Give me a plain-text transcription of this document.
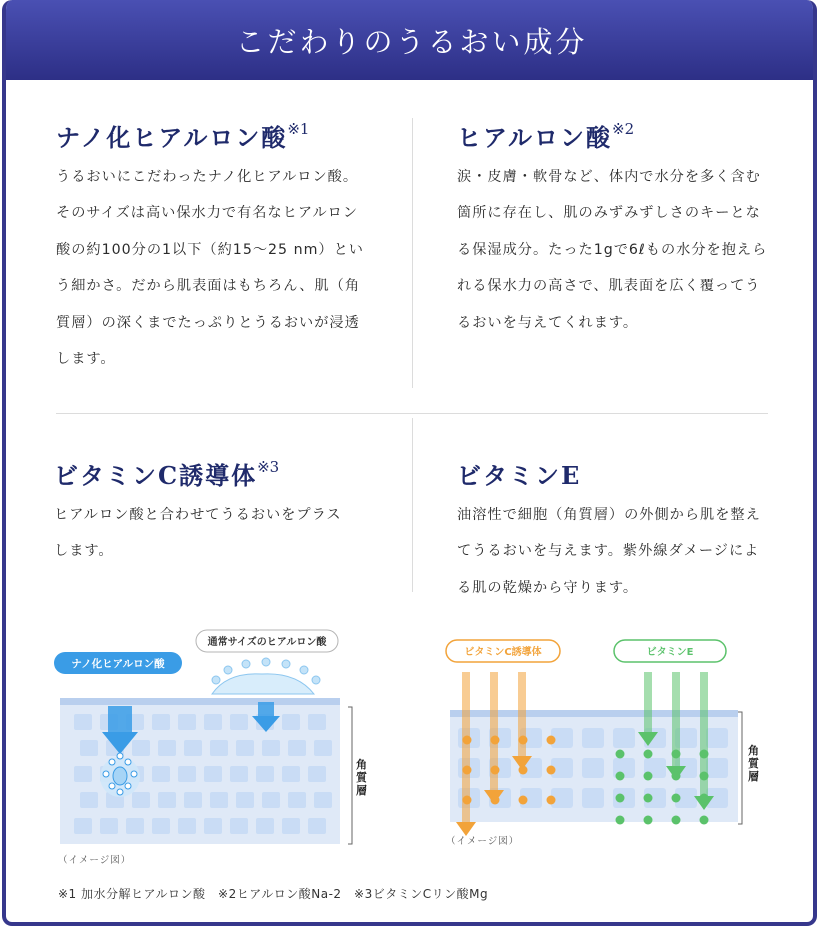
こだわりのうるおい成分
ナノ化ヒアルロン酸$^{※1}$

うるおいにこだわったナノ化ヒアルロン酸。
そのサイズは高い保水力で有名なヒアルロン
酸の約100分の1以下（約15〜25 nm）とい
う細かさ。だから肌表面はもちろん、肌（角
質層）の深くまでたっぷりとうるおいが浸透
します。

ヒアルロン酸$^{※2}$

涙・皮膚・軟骨など、体内で水分を多く含む
箇所に存在し、肌のみずみずしさのキーとな
る保湿成分。たった1gで6ℓもの水分を抱えら
れる保水力の高さで、肌表面を広く覆ってう
るおいを与えてくれます。

ビタミンC誘導体$^{※3}$

ヒアルロン酸と合わせてうるおいをプラス
します。

ビタミンE

油溶性で細胞（角質層）の外側から肌を整え
てうるおいを与えます。紫外線ダメージによ
る肌の乾燥から守ります。

ナノ化ヒアルロン酸
通常サイズのヒアルロン酸
（イメージ図）
角質層
ビタミンC誘導体	ビタミンE
（イメージ図）
角質層
※1 加水分解ヒアルロン酸　※2ヒアルロン酸Na-2　※3ビタミンCリン酸Mg
